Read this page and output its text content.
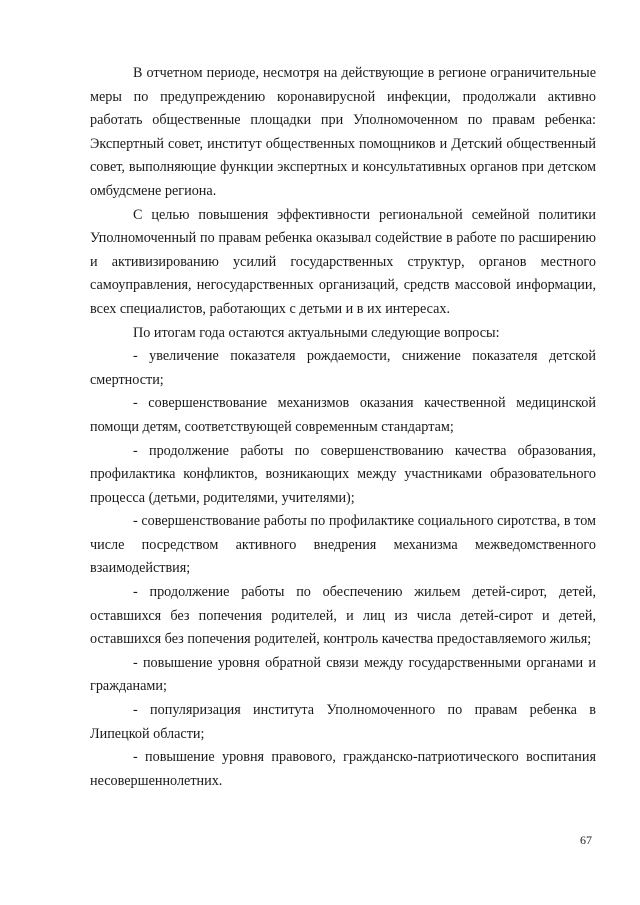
В отчетном периоде, несмотря на действующие в регионе ограничительные меры по предупреждению коронавирусной инфекции, продолжали активно работать общественные площадки при Уполномоченном по правам ребенка: Экспертный совет, институт общественных помощников и Детский общественный совет, выполняющие функции экспертных и консультативных органов при детском омбудсмене региона.

С целью повышения эффективности региональной семейной политики Уполномоченный по правам ребенка оказывал содействие в работе по расширению и активизированию усилий государственных структур, органов местного самоуправления, негосударственных организаций, средств массовой информации, всех специалистов, работающих с детьми и в их интересах.

По итогам года остаются актуальными следующие вопросы:

- увеличение показателя рождаемости, снижение показателя детской смертности;

- совершенствование механизмов оказания качественной медицинской помощи детям, соответствующей современным стандартам;

- продолжение работы по совершенствованию качества образования, профилактика конфликтов, возникающих между участниками образовательного процесса (детьми, родителями, учителями);

- совершенствование работы по профилактике социального сиротства, в том числе посредством активного внедрения механизма межведомственного взаимодействия;

- продолжение работы по обеспечению жильем детей-сирот, детей, оставшихся без попечения родителей, и лиц из числа детей-сирот и детей, оставшихся без попечения родителей, контроль качества предоставляемого жилья;

- повышение уровня обратной связи между государственными органами и гражданами;

- популяризация института Уполномоченного по правам ребенка в Липецкой области;

- повышение уровня правового, гражданско-патриотического воспитания несовершеннолетних.

67
